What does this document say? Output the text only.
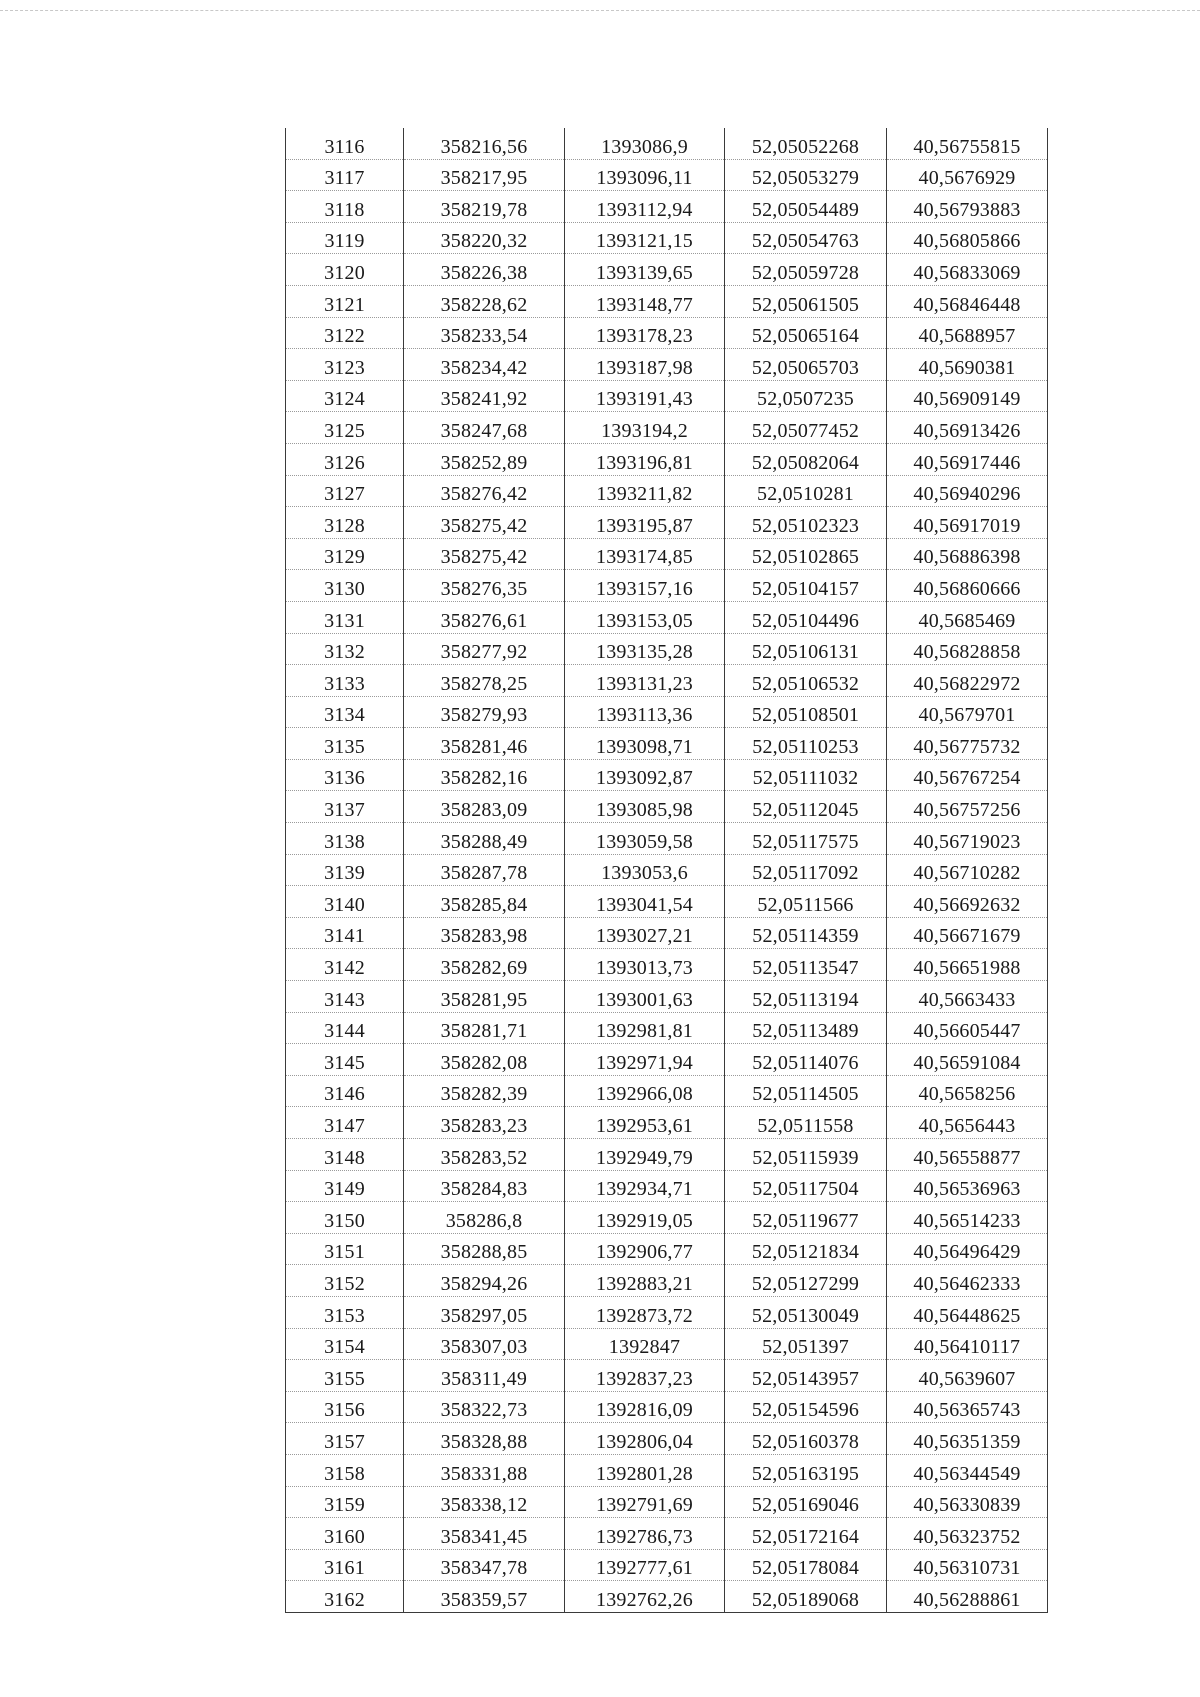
3116	358216,56	1393086,9	52,05052268	40,56755815
3117	358217,95	1393096,11	52,05053279	40,5676929
3118	358219,78	1393112,94	52,05054489	40,56793883
3119	358220,32	1393121,15	52,05054763	40,56805866
3120	358226,38	1393139,65	52,05059728	40,56833069
3121	358228,62	1393148,77	52,05061505	40,56846448
3122	358233,54	1393178,23	52,05065164	40,5688957
3123	358234,42	1393187,98	52,05065703	40,5690381
3124	358241,92	1393191,43	52,0507235	40,56909149
3125	358247,68	1393194,2	52,05077452	40,56913426
3126	358252,89	1393196,81	52,05082064	40,56917446
3127	358276,42	1393211,82	52,0510281	40,56940296
3128	358275,42	1393195,87	52,05102323	40,56917019
3129	358275,42	1393174,85	52,05102865	40,56886398
3130	358276,35	1393157,16	52,05104157	40,56860666
3131	358276,61	1393153,05	52,05104496	40,5685469
3132	358277,92	1393135,28	52,05106131	40,56828858
3133	358278,25	1393131,23	52,05106532	40,56822972
3134	358279,93	1393113,36	52,05108501	40,5679701
3135	358281,46	1393098,71	52,05110253	40,56775732
3136	358282,16	1393092,87	52,05111032	40,56767254
3137	358283,09	1393085,98	52,05112045	40,56757256
3138	358288,49	1393059,58	52,05117575	40,56719023
3139	358287,78	1393053,6	52,05117092	40,56710282
3140	358285,84	1393041,54	52,0511566	40,56692632
3141	358283,98	1393027,21	52,05114359	40,56671679
3142	358282,69	1393013,73	52,05113547	40,56651988
3143	358281,95	1393001,63	52,05113194	40,5663433
3144	358281,71	1392981,81	52,05113489	40,56605447
3145	358282,08	1392971,94	52,05114076	40,56591084
3146	358282,39	1392966,08	52,05114505	40,5658256
3147	358283,23	1392953,61	52,0511558	40,5656443
3148	358283,52	1392949,79	52,05115939	40,56558877
3149	358284,83	1392934,71	52,05117504	40,56536963
3150	358286,8	1392919,05	52,05119677	40,56514233
3151	358288,85	1392906,77	52,05121834	40,56496429
3152	358294,26	1392883,21	52,05127299	40,56462333
3153	358297,05	1392873,72	52,05130049	40,56448625
3154	358307,03	1392847	52,051397	40,56410117
3155	358311,49	1392837,23	52,05143957	40,5639607
3156	358322,73	1392816,09	52,05154596	40,56365743
3157	358328,88	1392806,04	52,05160378	40,56351359
3158	358331,88	1392801,28	52,05163195	40,56344549
3159	358338,12	1392791,69	52,05169046	40,56330839
3160	358341,45	1392786,73	52,05172164	40,56323752
3161	358347,78	1392777,61	52,05178084	40,56310731
3162	358359,57	1392762,26	52,05189068	40,56288861
